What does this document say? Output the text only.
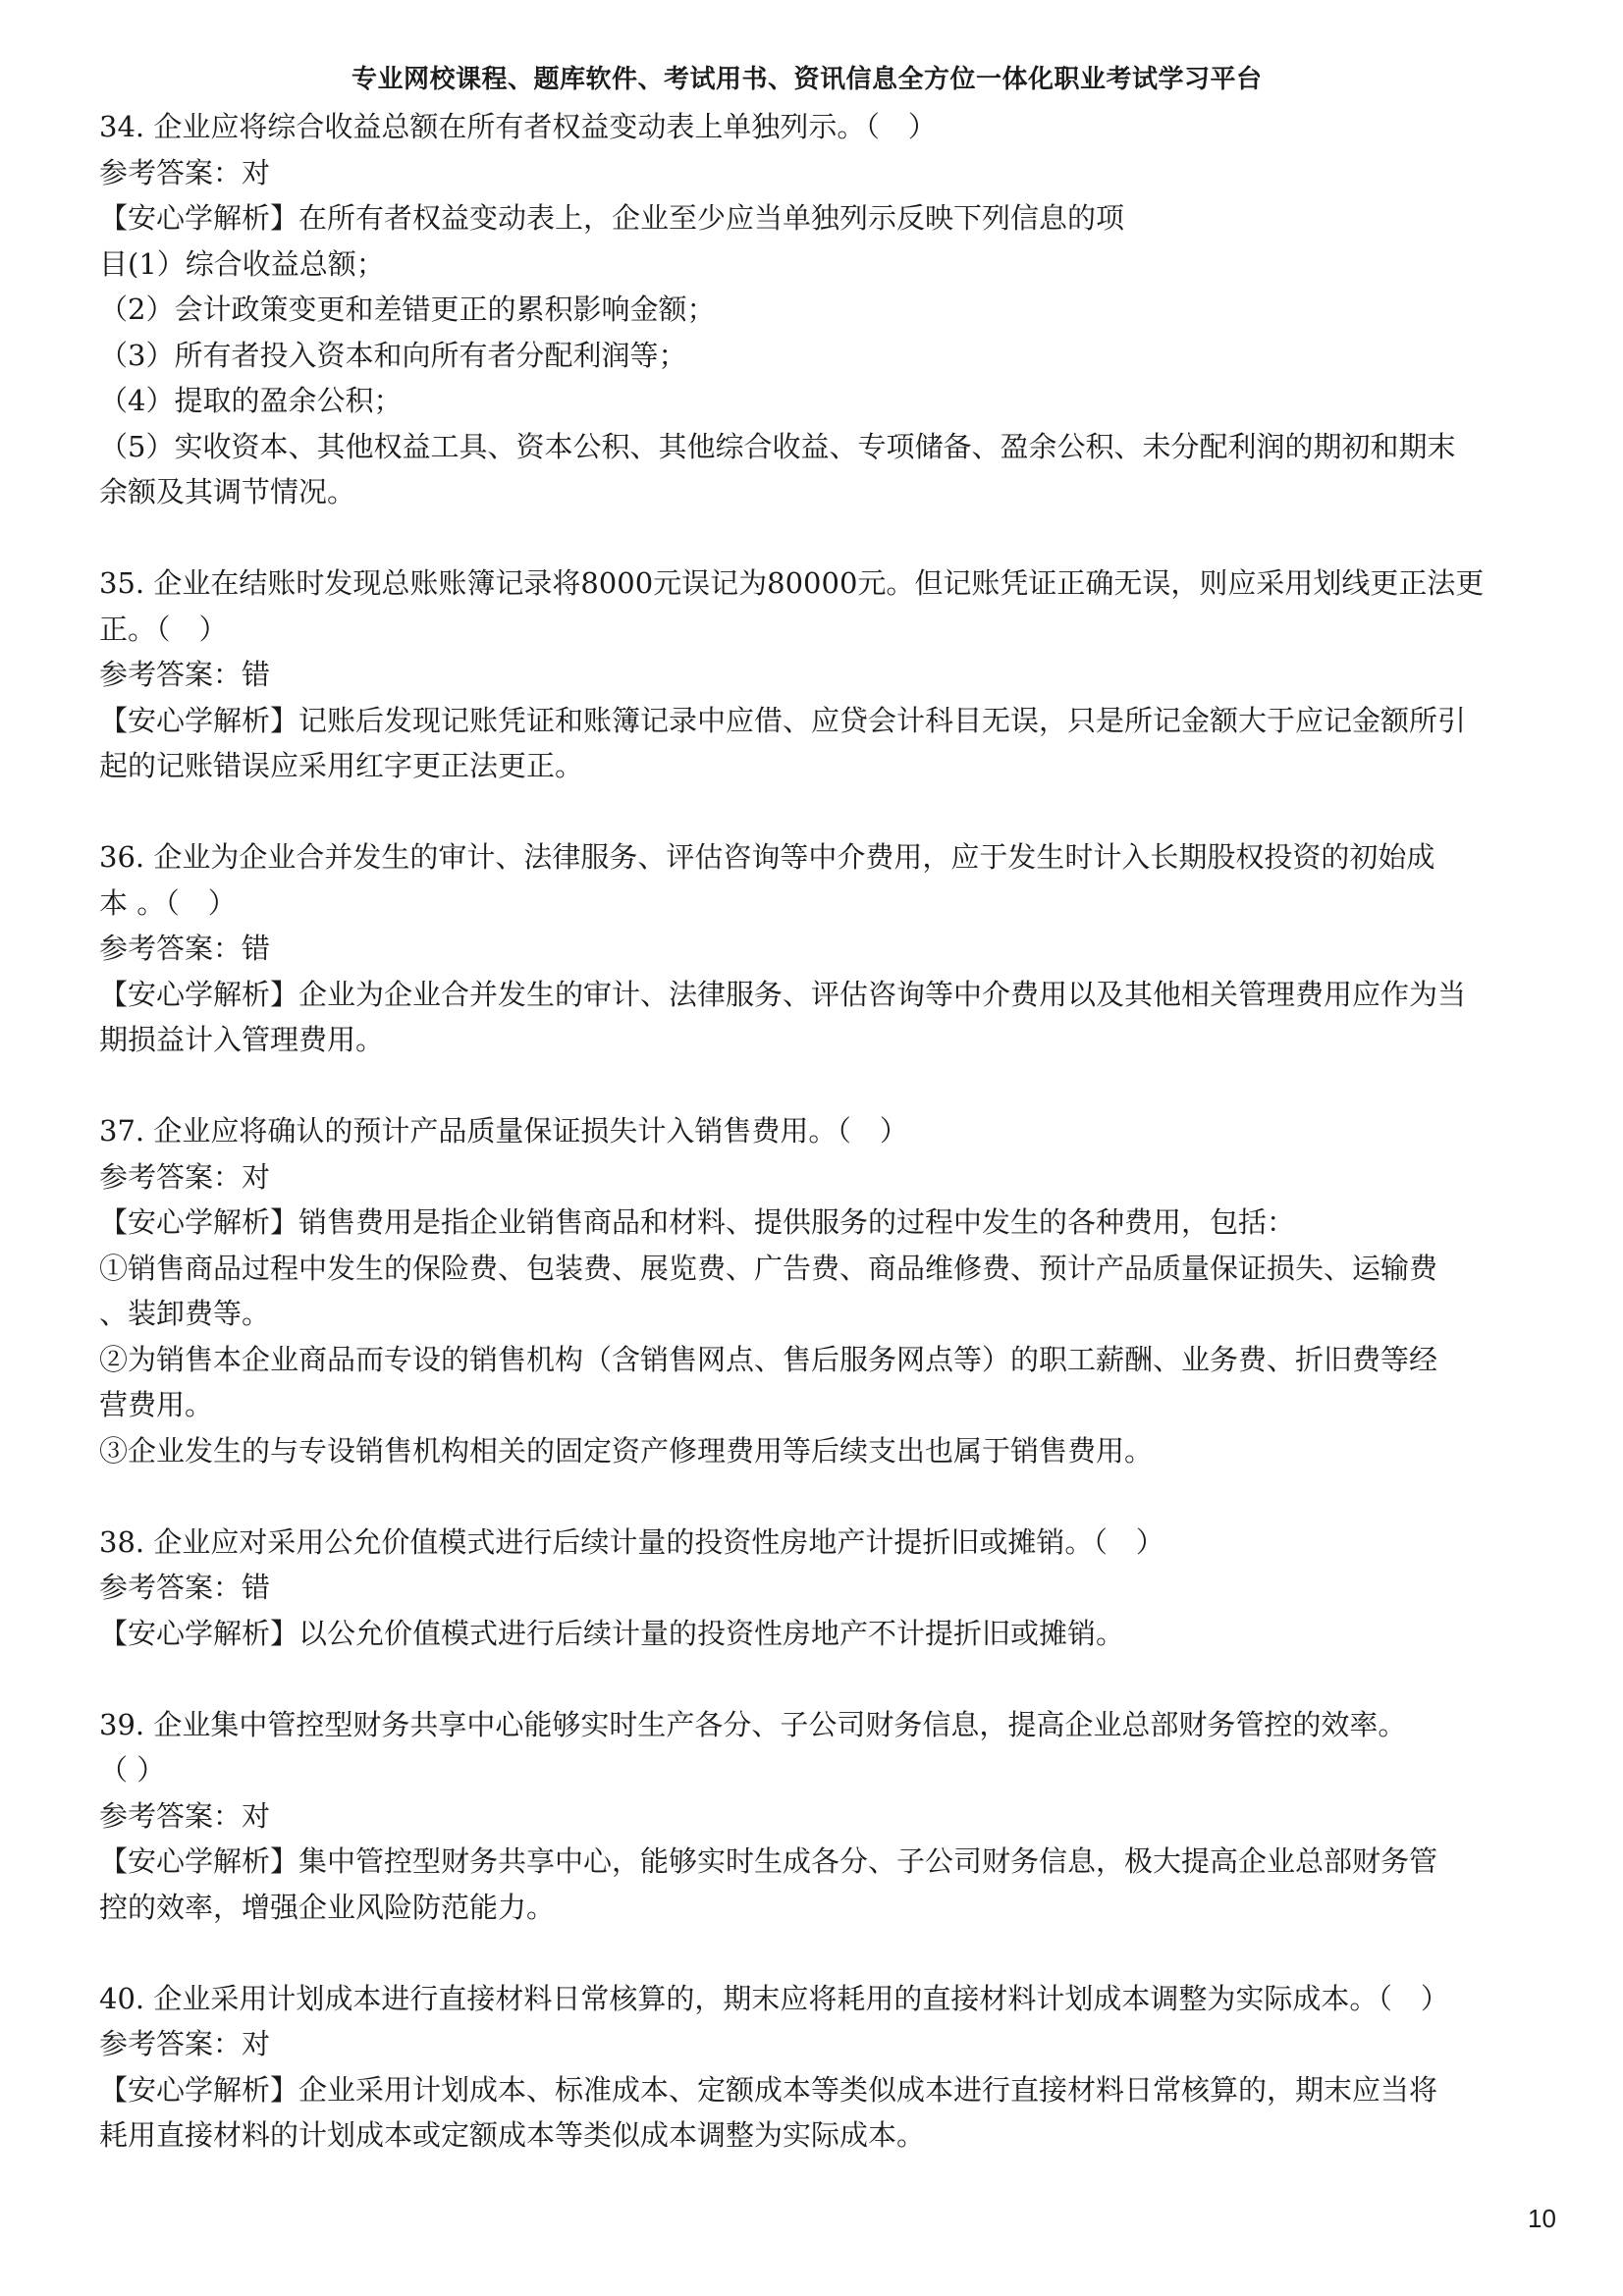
专业网校课程、题库软件、考试用书、资讯信息全方位一体化职业考试学习平台
34. 企业应将综合收益总额在所有者权益变动表上单独列示。（　）
参考答案：对
【安心学解析】在所有者权益变动表上，企业至少应当单独列示反映下列信息的项
目(1）综合收益总额；
（2）会计政策变更和差错更正的累积影响金额；
（3）所有者投入资本和向所有者分配利润等；
（4）提取的盈余公积；
（5）实收资本、其他权益工具、资本公积、其他综合收益、专项储备、盈余公积、未分配利润的期初和期末
余额及其调节情况。
35. 企业在结账时发现总账账簿记录将8000元误记为80000元。但记账凭证正确无误，则应采用划线更正法更
正。（　）
参考答案：错
【安心学解析】记账后发现记账凭证和账簿记录中应借、应贷会计科目无误，只是所记金额大于应记金额所引
起的记账错误应采用红字更正法更正。
36. 企业为企业合并发生的审计、法律服务、评估咨询等中介费用，应于发生时计入长期股权投资的初始成
本 。（　）
参考答案：错
【安心学解析】企业为企业合并发生的审计、法律服务、评估咨询等中介费用以及其他相关管理费用应作为当
期损益计入管理费用。
37. 企业应将确认的预计产品质量保证损失计入销售费用。（　）
参考答案：对
【安心学解析】销售费用是指企业销售商品和材料、提供服务的过程中发生的各种费用，包括：
①销售商品过程中发生的保险费、包装费、展览费、广告费、商品维修费、预计产品质量保证损失、运输费
、装卸费等。
②为销售本企业商品而专设的销售机构（含销售网点、售后服务网点等）的职工薪酬、业务费、折旧费等经
营费用。
③企业发生的与专设销售机构相关的固定资产修理费用等后续支出也属于销售费用。
38. 企业应对采用公允价值模式进行后续计量的投资性房地产计提折旧或摊销。（　）
参考答案：错
【安心学解析】以公允价值模式进行后续计量的投资性房地产不计提折旧或摊销。
39. 企业集中管控型财务共享中心能够实时生产各分、子公司财务信息，提高企业总部财务管控的效率。
（ ）
参考答案：对
【安心学解析】集中管控型财务共享中心，能够实时生成各分、子公司财务信息，极大提高企业总部财务管
控的效率，增强企业风险防范能力。
40. 企业采用计划成本进行直接材料日常核算的，期末应将耗用的直接材料计划成本调整为实际成本。（　）
参考答案：对
【安心学解析】企业采用计划成本、标准成本、定额成本等类似成本进行直接材料日常核算的，期末应当将
耗用直接材料的计划成本或定额成本等类似成本调整为实际成本。
10
